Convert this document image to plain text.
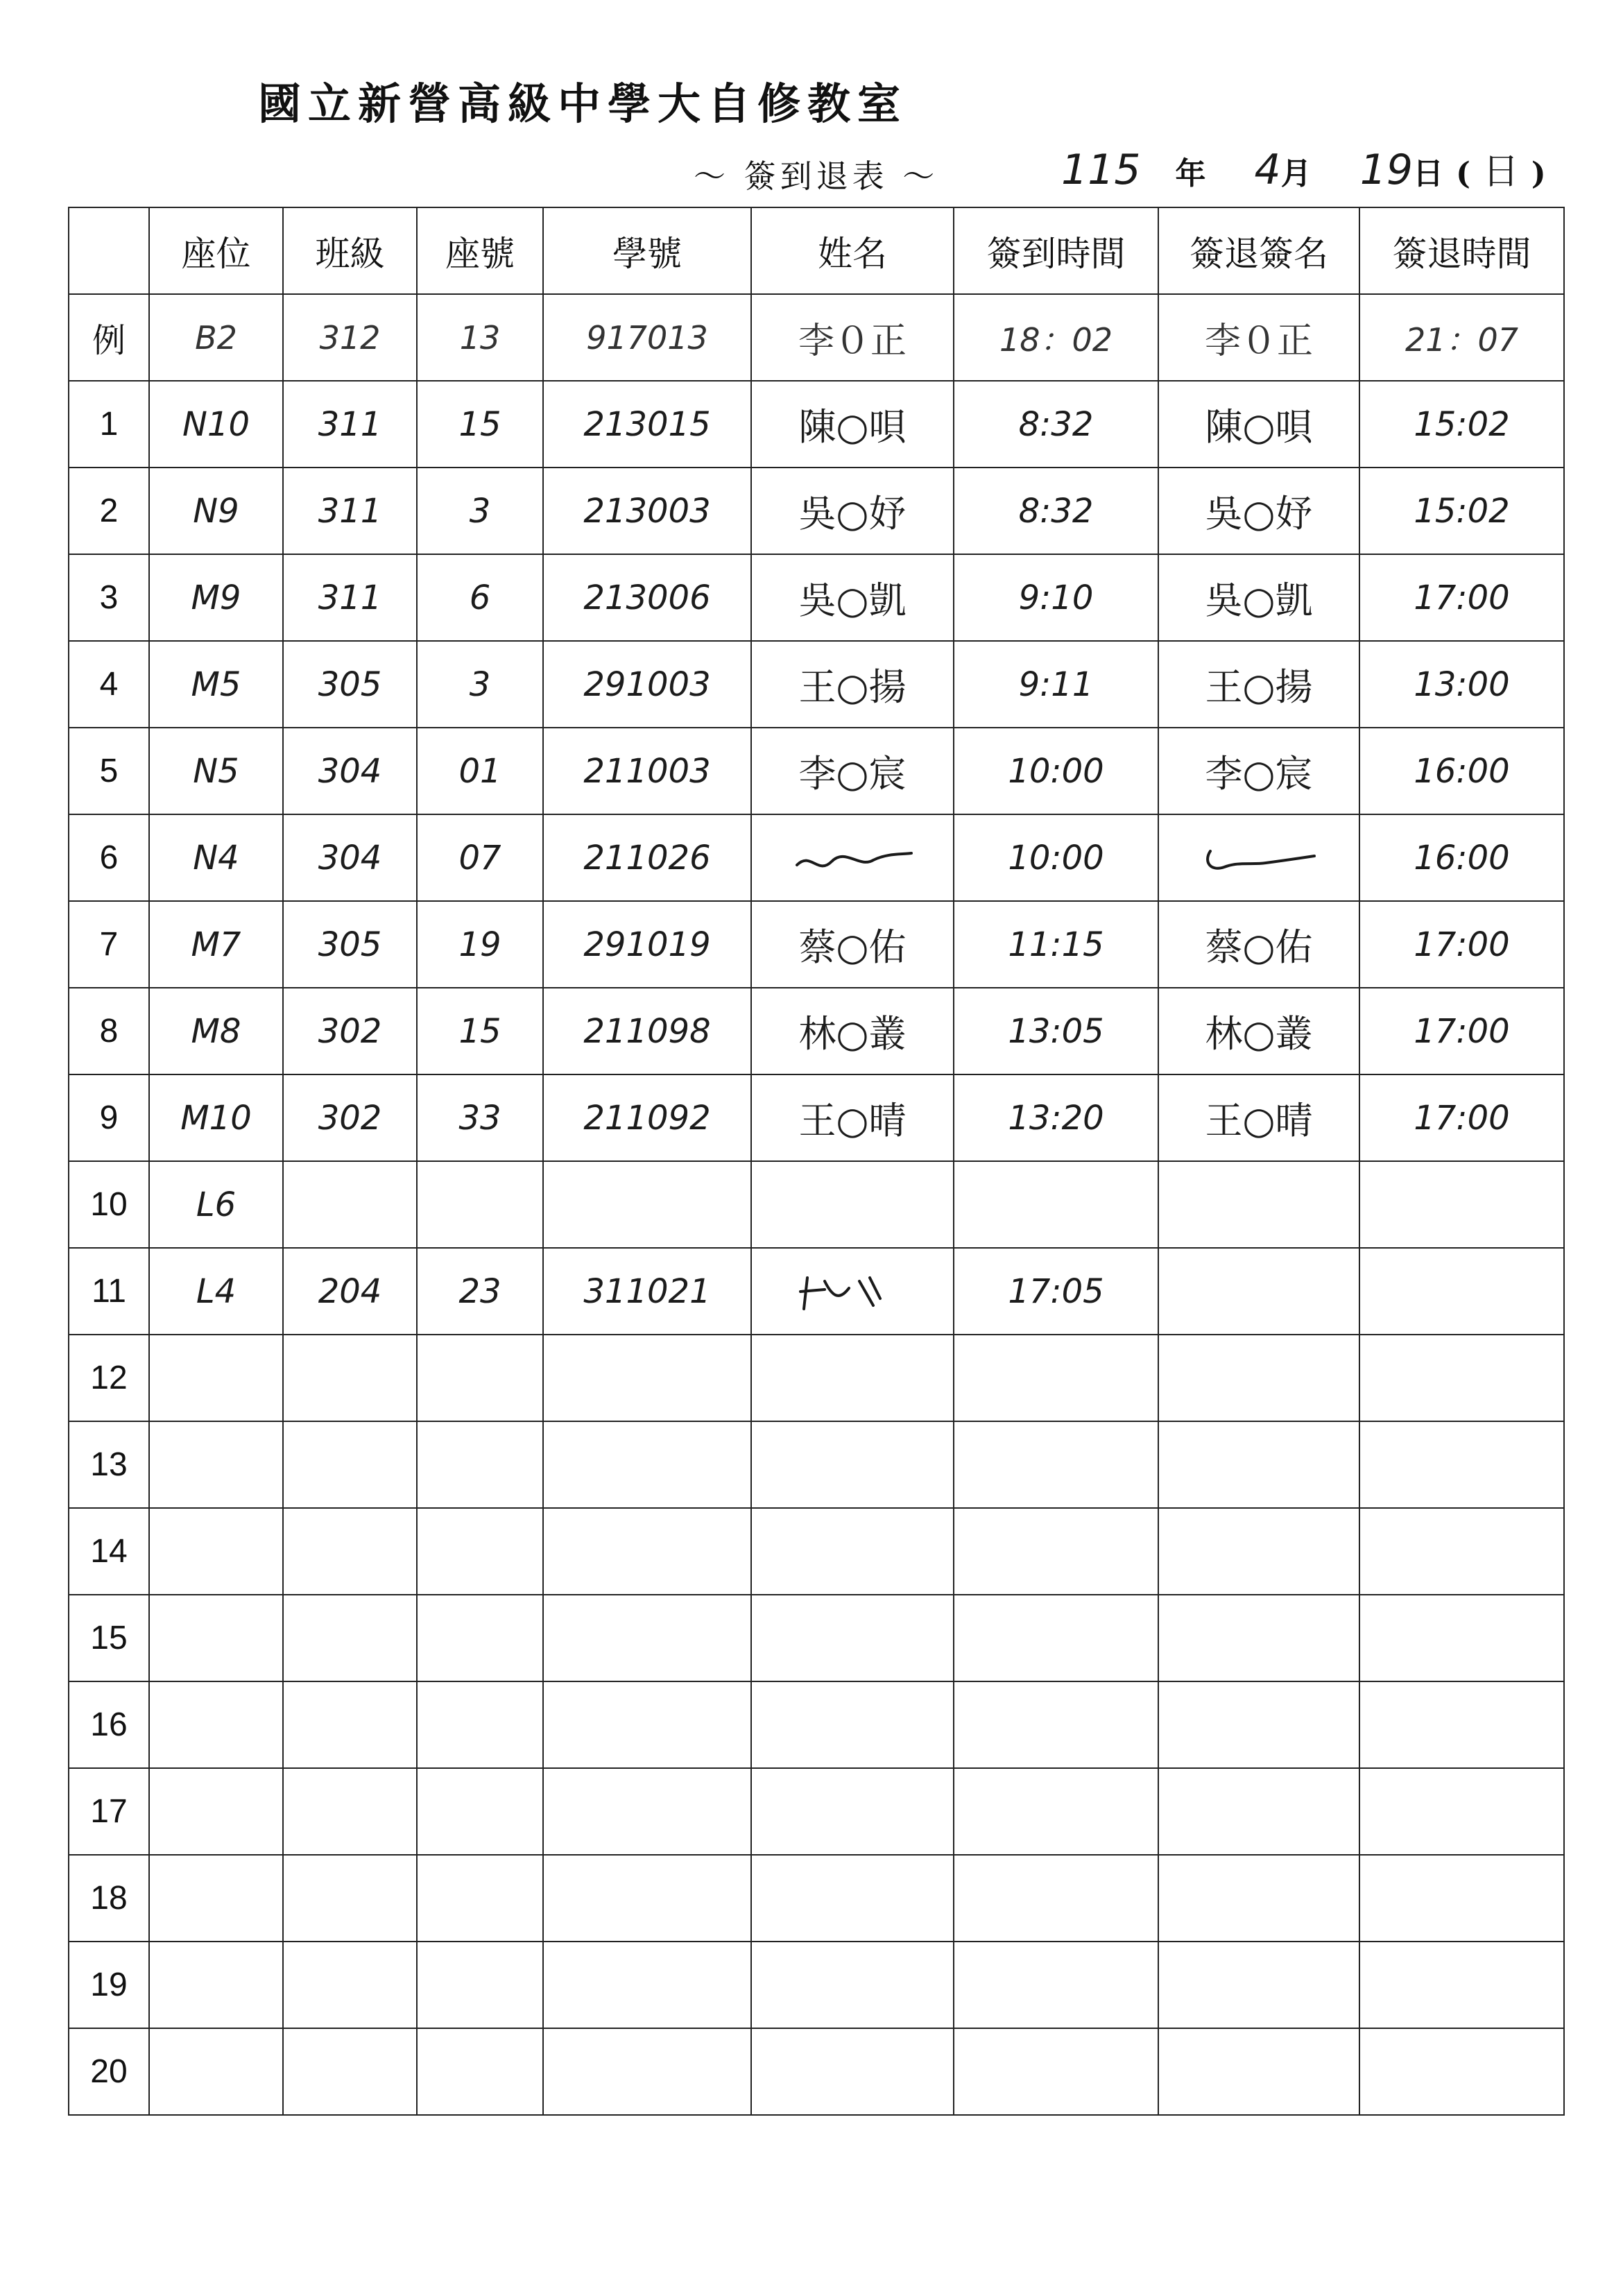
國立新營高級中學大自修教室
～ 簽到退表 ～	115 年 4 月 19 日 ( 日 )
	座位	班級	座號	學號	姓名	簽到時間	簽退簽名	簽退時間
例	B2	312	13	917013	李０正	18：02	李０正	21：07
1	N10	311	15	213015	陳○唄	8:32	陳○唄	15:02
2	N9	311	3	213003	吳○妤	8:32	吳○妤	15:02
3	M9	311	6	213006	吳○凱	9:10	吳○凱	17:00
4	M5	305	3	291003	王○揚	9:11	王○揚	13:00
5	N5	304	01	211003	李○宸	10:00	李○宸	16:00
6	N4	304	07	211026		10:00		16:00
7	M7	305	19	291019	蔡○佑	11:15	蔡○佑	17:00
8	M8	302	15	211098	林○叢	13:05	林○叢	17:00
9	M10	302	33	211092	王○晴	13:20	王○晴	17:00
10	L6							
11	L4	204	23	311021		17:05		
12								
13								
14								
15								
16								
17								
18								
19								
20								
